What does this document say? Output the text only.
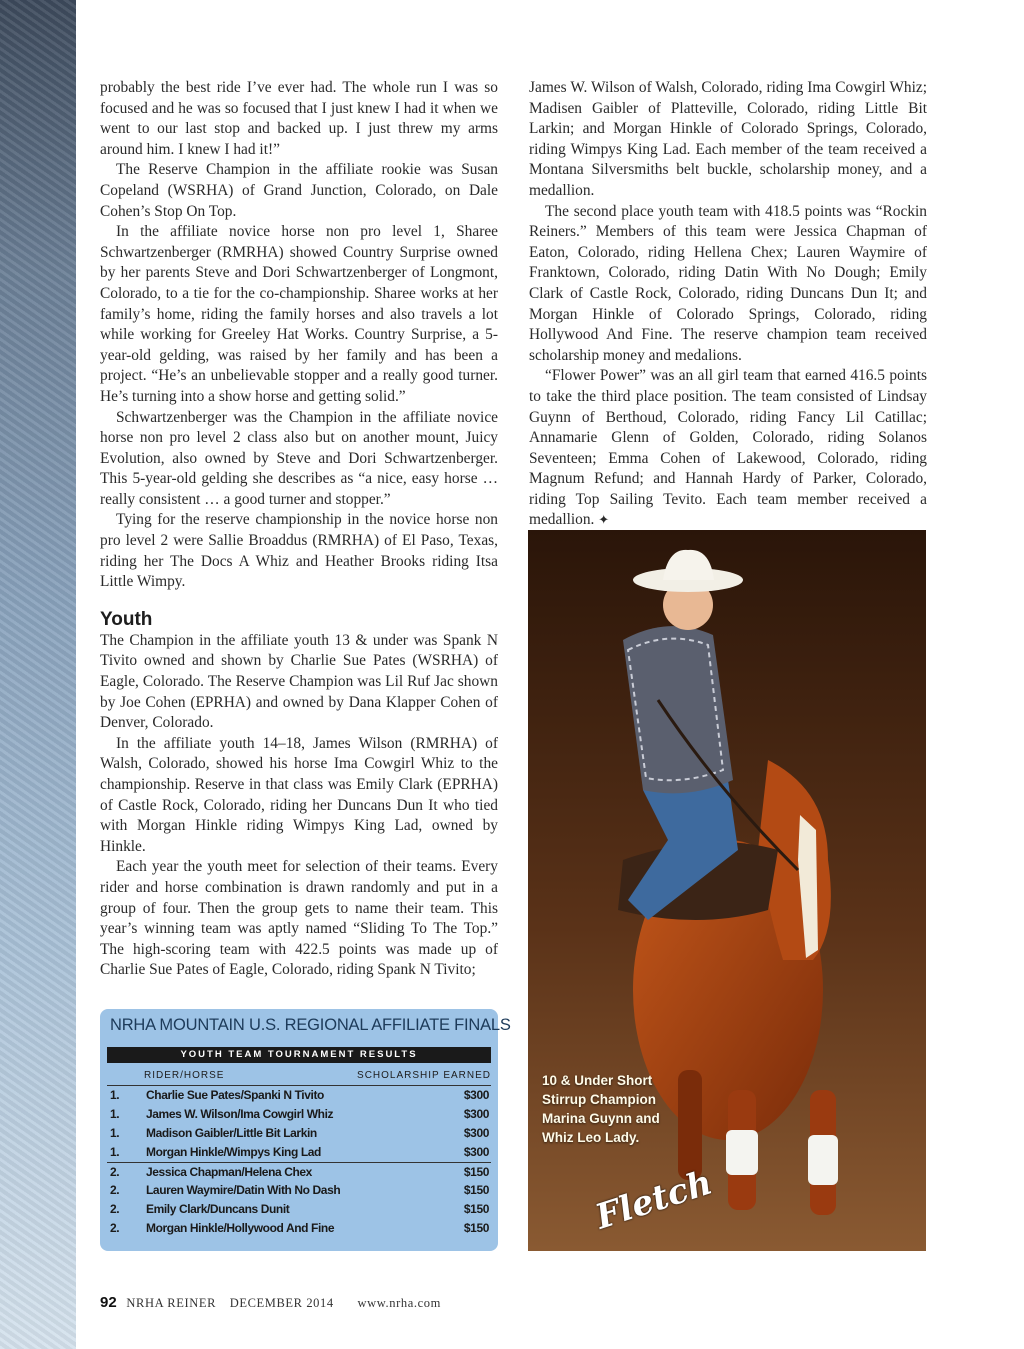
probably the best ride I’ve ever had. The whole run I was so focused and he was so focused that I just knew I had it when we went to our last stop and backed up. I just threw my arms around him. I knew I had it!”

The Reserve Champion in the affiliate rookie was Susan Copeland (WSRHA) of Grand Junction, Colorado, on Dale Cohen’s Stop On Top.

In the affiliate novice horse non pro level 1, Sharee Schwartzenberger (RMRHA) showed Country Surprise owned by her parents Steve and Dori Schwartzenberger of Longmont, Colorado, to a tie for the co-championship. Sharee works at her family’s home, riding the family horses and also travels a lot while working for Greeley Hat Works. Country Surprise, a 5-year-old gelding, was raised by her family and has been a project. “He’s an unbelievable stopper and a really good turner. He’s turning into a show horse and getting solid.”

Schwartzenberger was the Champion in the affiliate novice horse non pro level 2 class also but on another mount, Juicy Evolution, also owned by Steve and Dori Schwartzenberger. This 5-year-old gelding she describes as “a nice, easy horse … really consistent … a good turner and stopper.”

Tying for the reserve championship in the novice horse non pro level 2 were Sallie Broaddus (RMRHA) of El Paso, Texas, riding her The Docs A Whiz and Heather Brooks riding Itsa Little Wimpy.

Youth

The Champion in the affiliate youth 13 & under was Spank N Tivito owned and shown by Charlie Sue Pates (WSRHA) of Eagle, Colorado. The Reserve Champion was Lil Ruf Jac shown by Joe Cohen (EPRHA) and owned by Dana Klapper Cohen of Denver, Colorado.

In the affiliate youth 14–18, James Wilson (RMRHA) of Walsh, Colorado, showed his horse Ima Cowgirl Whiz to the championship. Reserve in that class was Emily Clark (EPRHA) of Castle Rock, Colorado, riding her Duncans Dun It who tied with Morgan Hinkle riding Wimpys King Lad, owned by Hinkle.

Each year the youth meet for selection of their teams. Every rider and horse combination is drawn randomly and put in a group of four. Then the group gets to name their team. This year’s winning team was aptly named “Sliding To The Top.” The high-scoring team with 422.5 points was made up of Charlie Sue Pates of Eagle, Colorado, riding Spank N Tivito;

James W. Wilson of Walsh, Colorado, riding Ima Cowgirl Whiz; Madisen Gaibler of Platteville, Colorado, riding Little Bit Larkin; and Morgan Hinkle of Colorado Springs, Colorado, riding Wimpys King Lad. Each member of the team received a Montana Silversmiths belt buckle, scholarship money, and a medallion.

The second place youth team with 418.5 points was “Rockin Reiners.” Members of this team were Jessica Chapman of Eaton, Colorado, riding Hellena Chex; Lauren Waymire of Franktown, Colorado, riding Datin With No Dough; Emily Clark of Castle Rock, Colorado, riding Duncans Dun It; and Morgan Hinkle of Colorado Springs, Colorado, riding Hollywood And Fine. The reserve champion team received scholarship money and medalions.

“Flower Power” was an all girl team that earned 416.5 points to take the third place position. The team consisted of Lindsay Guynn of Berthoud, Colorado, riding Fancy Lil Catillac; Annamarie Glenn of Golden, Colorado, riding Solanos Seventeen; Emma Cohen of Lakewood, Colorado, riding Magnum Refund; and Hannah Hardy of Parker, Colorado, riding Top Sailing Tevito. Each team member received a medallion. ✦

NRHA MOUNTAIN U.S. REGIONAL AFFILIATE FINALS
YOUTH TEAM TOURNAMENT RESULTS
RIDER/HORSE	SCHOLARSHIP EARNED
1.	Charlie Sue Pates/Spanki N Tivito	$300
1.	James W. Wilson/Ima Cowgirl Whiz	$300
1.	Madison Gaibler/Little Bit Larkin	$300
1.	Morgan Hinkle/Wimpys King Lad	$300
2.	Jessica Chapman/Helena Chex	$150
2.	Lauren Waymire/Datin With No Dash	$150
2.	Emily Clark/Duncans Dunit	$150
2.	Morgan Hinkle/Hollywood And Fine	$150
10 & Under Short Stirrup Champion Marina Guynn and Whiz Leo Lady.
Fletch
92 NRHA REINER DECEMBER 2014 www.nrha.com
